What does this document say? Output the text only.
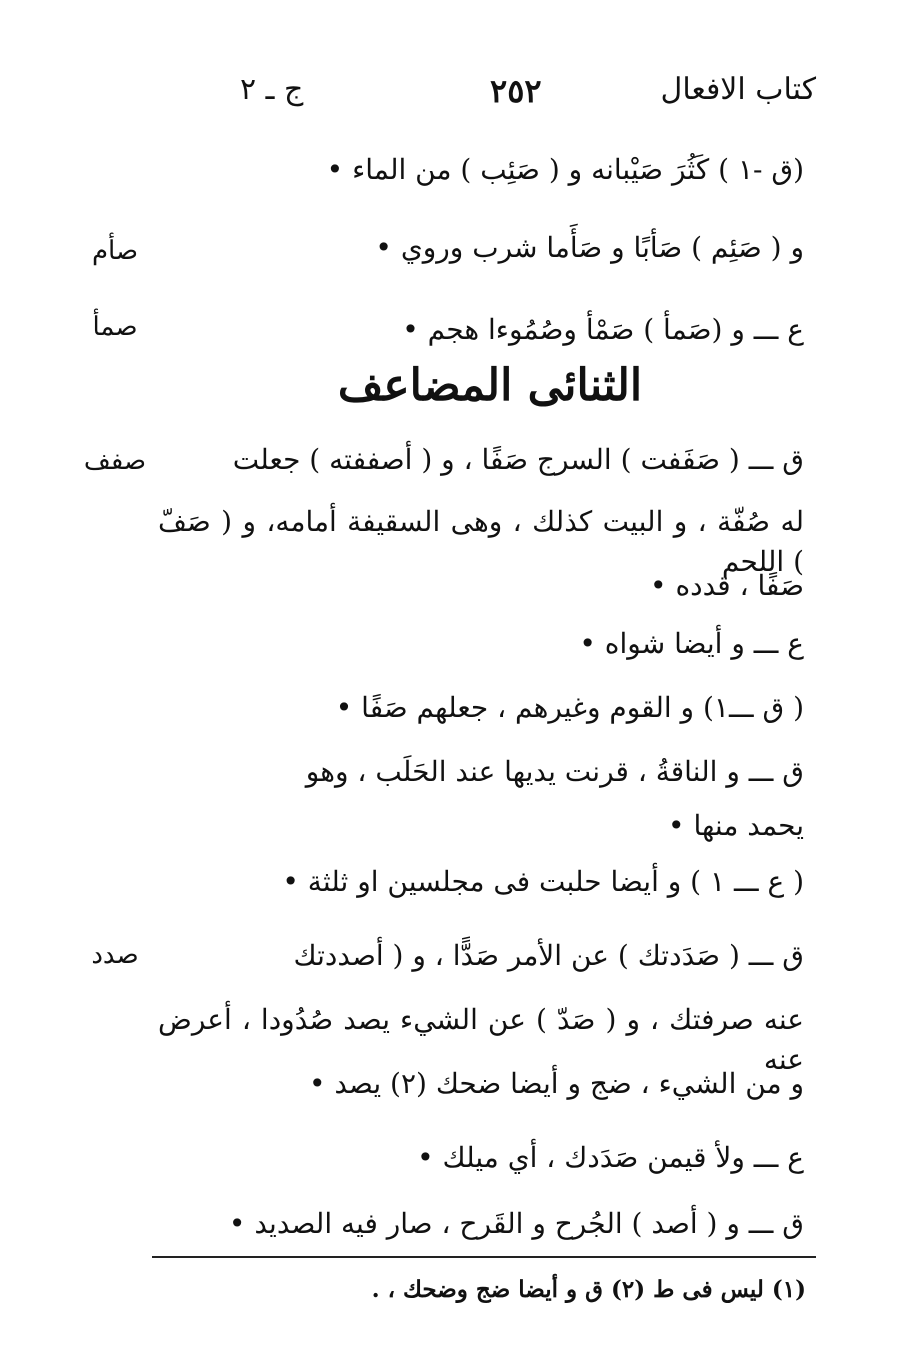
كتاب الافعال
٢٥٢
ج ـ ٢
(ق -١ ) كَثُرَ صَيْبانه و ( صَئِب ) من الماء •
و ( صَئِم ) صَأبًا و صَأَما شرب وروي •
ع ـــ و (صَمأ ) صَمْأ وصُمُوءا هجم •
الثنائى المضاعف
ق ـــ ( صَفَفت ) السرج صَفًا ، و ( أصففته ) جعلت
له صُفّة ، و البيت كذلك ، وهى السقيفة أمامه، و ( صَفّ ) اللحم
صَفًا ، قدده •
ع ـــ و أيضا شواه •
( ق ـــ١) و القوم وغيرهم ، جعلهم صَفًا •
ق ـــ و الناقةُ ، قرنت يديها عند الحَلَب ، وهو
يحمد منها •
( ع ـــ ١ ) و أيضا حلبت فى مجلسين او ثلثة •
ق ـــ ( صَدَدتك ) عن الأمر صَدًّا ، و ( أصددتك
عنه صرفتك ، و ( صَدّ ) عن الشيء يصد صُدُودا ، أعرض عنه
و من الشيء ، ضج و أيضا ضحك (٢) يصد •
ع ـــ ولأ قيمن صَدَدك ، أي ميلك •
ق ـــ و ( أصد ) الجُرح و القَرح ، صار فيه الصديد •
صأم
صمأ
صفف
صدد
(١) ليس فى ط (٢) ق و أيضا ضج وضحك ، .
